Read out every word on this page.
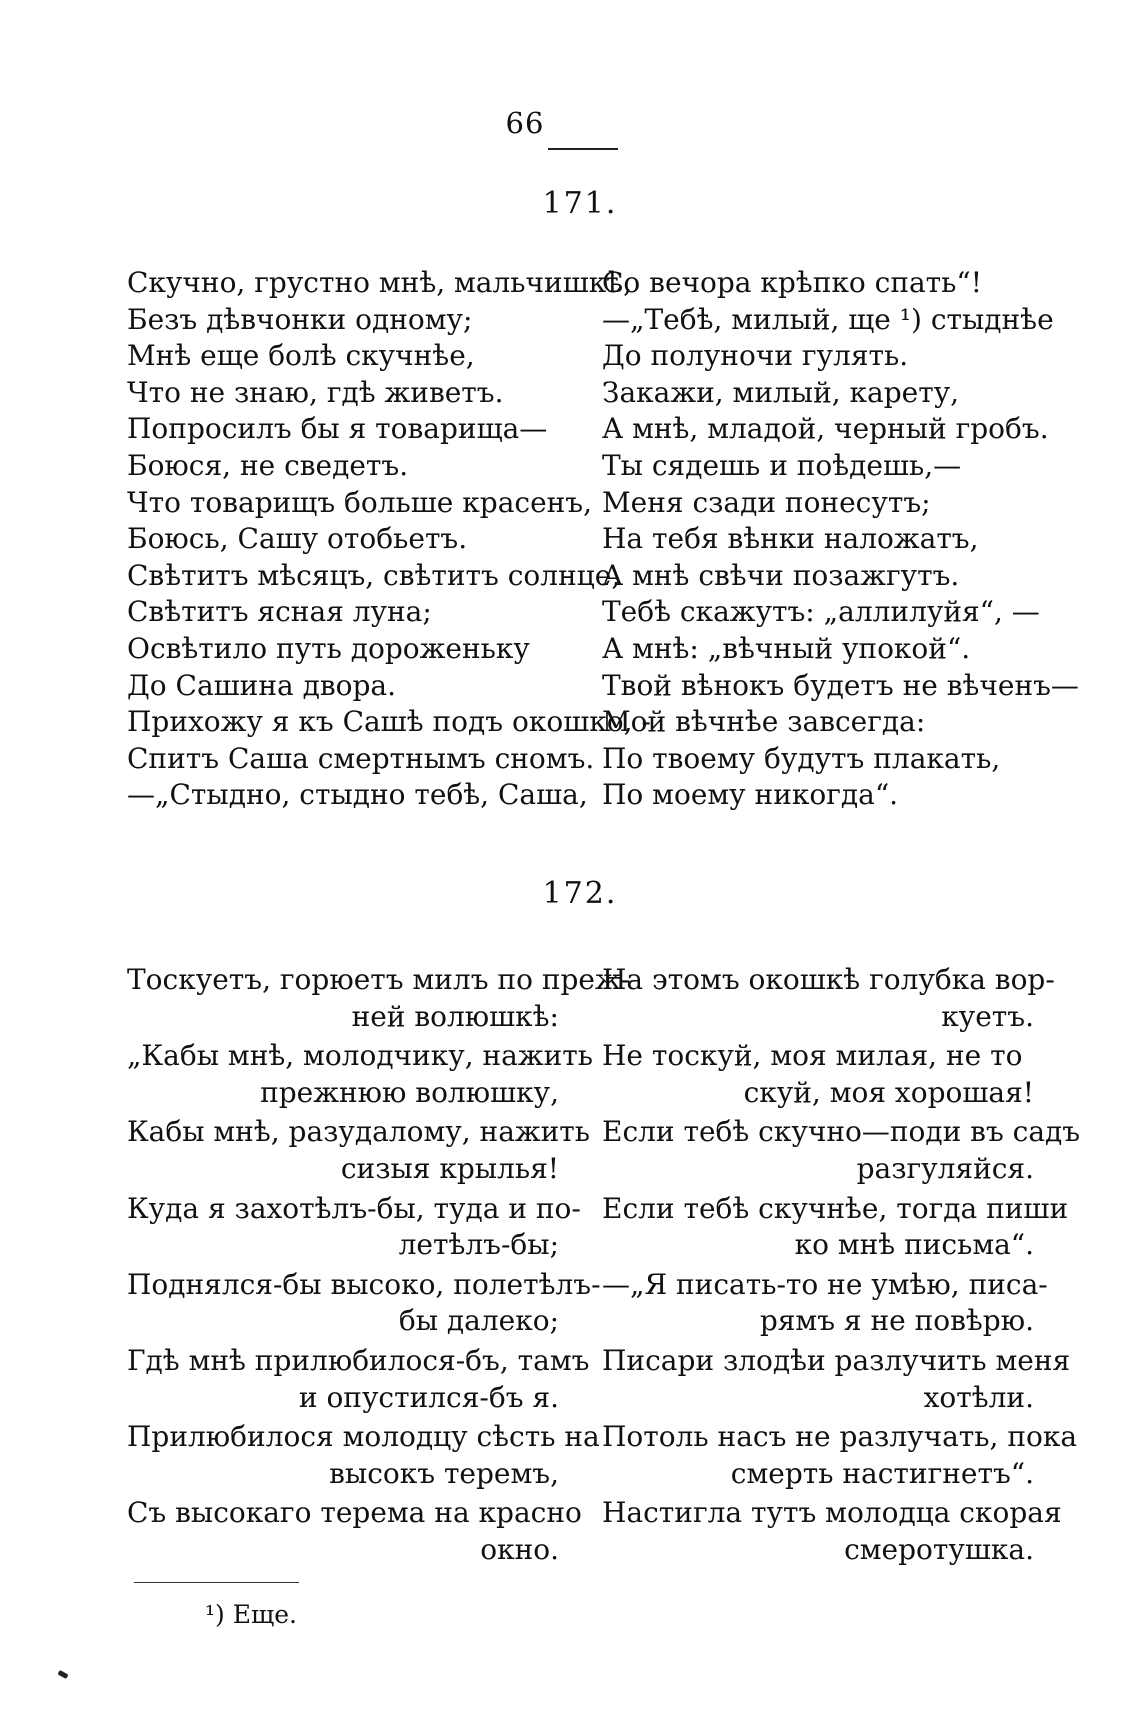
66
171.
Скучно, грустно мнѣ, мальчишкѣ,
Безъ дѣвчонки одному;
Мнѣ еще болѣ скучнѣе,
Что не знаю, гдѣ живетъ.
Попросилъ бы я товарища—
Боюся, не сведетъ.
Что товарищъ больше красенъ,
Боюсь, Сашу отобьетъ.
Свѣтитъ мѣсяцъ, свѣтитъ солнце,
Свѣтитъ ясная луна;
Освѣтило путь дороженьку
До Сашина двора.
Прихожу я къ Сашѣ подъ окошко, -
Спитъ Саша смертнымъ сномъ.
—„Стыдно, стыдно тебѣ, Саша,
Со вечора крѣпко спать“!
—„Тебѣ, милый, ще ¹) стыднѣе
До полуночи гулять.
Закажи, милый, карету,
А мнѣ, младой, черный гробъ.
Ты сядешь и поѣдешь,—
Меня сзади понесутъ;
На тебя вѣнки наложатъ,
А мнѣ свѣчи позажгутъ.
Тебѣ скажутъ: „аллилуйя“, —
А мнѣ: „вѣчный упокой“.
Твой вѣнокъ будетъ не вѣченъ—
Мой вѣчнѣе завсегда:
По твоему будутъ плакать,
По моему никогда“.
172.
Тоскуетъ, горюетъ милъ по преж-
ней волюшкѣ:
„Кабы мнѣ, молодчику, нажить
прежнюю волюшку,
Кабы мнѣ, разудалому, нажить
сизыя крылья!
Куда я захотѣлъ-бы, туда и по-
летѣлъ-бы;
Поднялся-бы высоко, полетѣлъ-
бы далеко;
Гдѣ мнѣ прилюбилося-бъ, тамъ
и опустился-бъ я.
Прилюбилося молодцу сѣсть на
высокъ теремъ,
Съ высокаго терема на красно
окно.
На этомъ окошкѣ голубка вор-
куетъ.
Не тоскуй, моя милая, не то
скуй, моя хорошая!
Если тебѣ скучно—поди въ садъ
разгуляйся.
Если тебѣ скучнѣе, тогда пиши
ко мнѣ письма“.
—„Я писать-то не умѣю, писа-
рямъ я не повѣрю.
Писари злодѣи разлучить меня
хотѣли.
Потоль насъ не разлучать, пока
смерть настигнетъ“.
Настигла тутъ молодца скорая
смеротушка.
¹) Еще.
